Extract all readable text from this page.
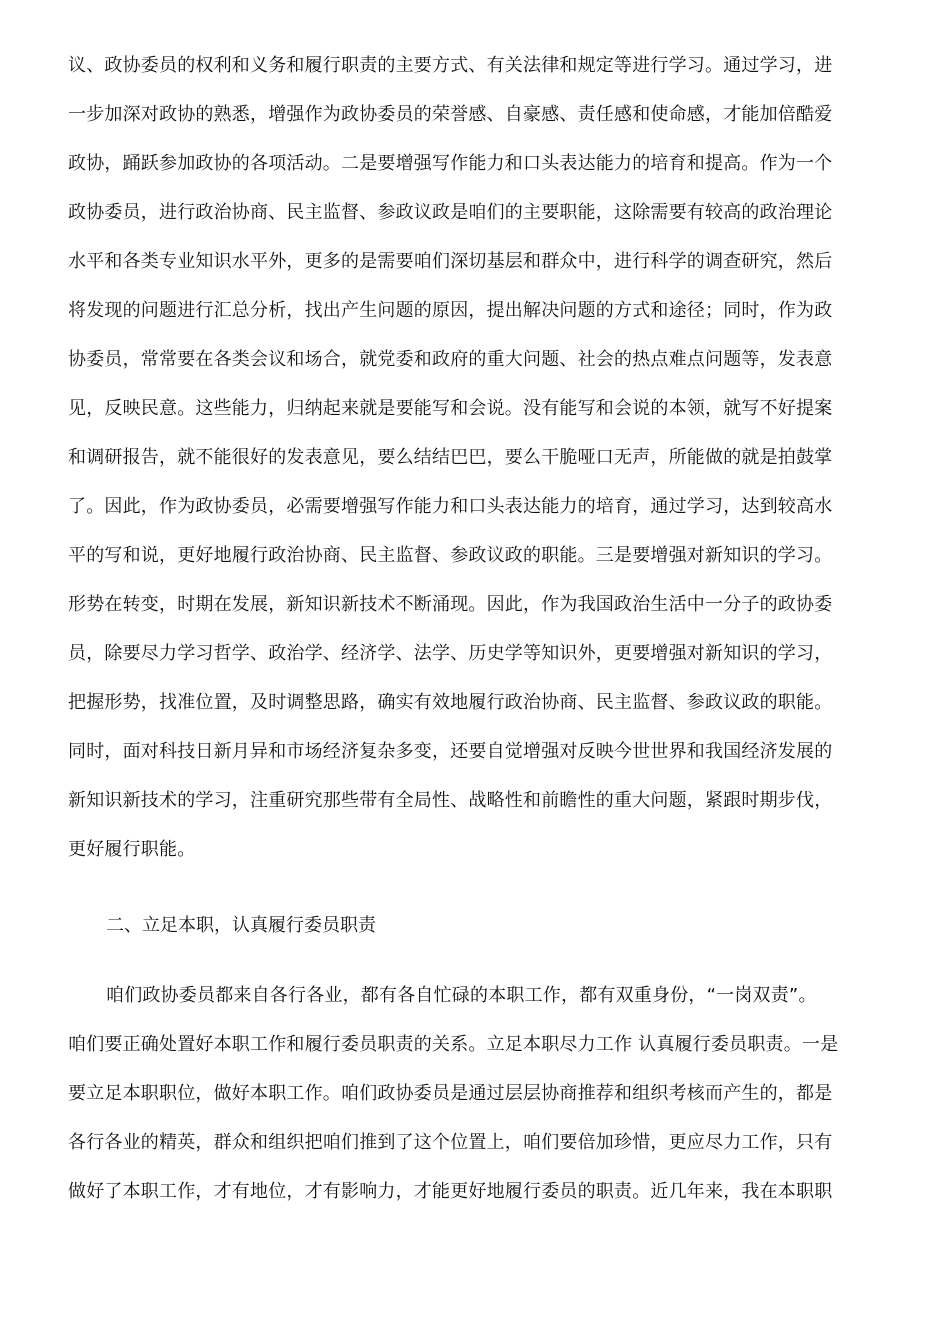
议、政协委员的权利和义务和履行职责的主要方式、有关法律和规定等进行学习。通过学习，进
一步加深对政协的熟悉，增强作为政协委员的荣誉感、自豪感、责任感和使命感，才能加倍酷爱
政协，踊跃参加政协的各项活动。二是要增强写作能力和口头表达能力的培育和提高。作为一个
政协委员，进行政治协商、民主监督、参政议政是咱们的主要职能，这除需要有较高的政治理论
水平和各类专业知识水平外，更多的是需要咱们深切基层和群众中，进行科学的调查研究，然后
将发现的问题进行汇总分析，找出产生问题的原因，提出解决问题的方式和途径；同时，作为政
协委员，常常要在各类会议和场合，就党委和政府的重大问题、社会的热点难点问题等，发表意
见，反映民意。这些能力，归纳起来就是要能写和会说。没有能写和会说的本领，就写不好提案
和调研报告，就不能很好的发表意见，要么结结巴巴，要么干脆哑口无声，所能做的就是拍鼓掌
了。因此，作为政协委员，必需要增强写作能力和口头表达能力的培育，通过学习，达到较高水
平的写和说，更好地履行政治协商、民主监督、参政议政的职能。三是要增强对新知识的学习。
形势在转变，时期在发展，新知识新技术不断涌现。因此，作为我国政治生活中一分子的政协委
员，除要尽力学习哲学、政治学、经济学、法学、历史学等知识外，更要增强对新知识的学习，
把握形势，找准位置，及时调整思路，确实有效地履行政治协商、民主监督、参政议政的职能。
同时，面对科技日新月异和市场经济复杂多变，还要自觉增强对反映今世世界和我国经济发展的
新知识新技术的学习，注重研究那些带有全局性、战略性和前瞻性的重大问题，紧跟时期步伐，
更好履行职能。
二、立足本职，认真履行委员职责
咱们政协委员都来自各行各业，都有各自忙碌的本职工作，都有双重身份，“一岗双责”。
咱们要正确处置好本职工作和履行委员职责的关系。立足本职尽力工作 认真履行委员职责。一是
要立足本职职位，做好本职工作。咱们政协委员是通过层层协商推荐和组织考核而产生的，都是
各行各业的精英，群众和组织把咱们推到了这个位置上，咱们要倍加珍惜，更应尽力工作，只有
做好了本职工作，才有地位，才有影响力，才能更好地履行委员的职责。近几年来，我在本职职
